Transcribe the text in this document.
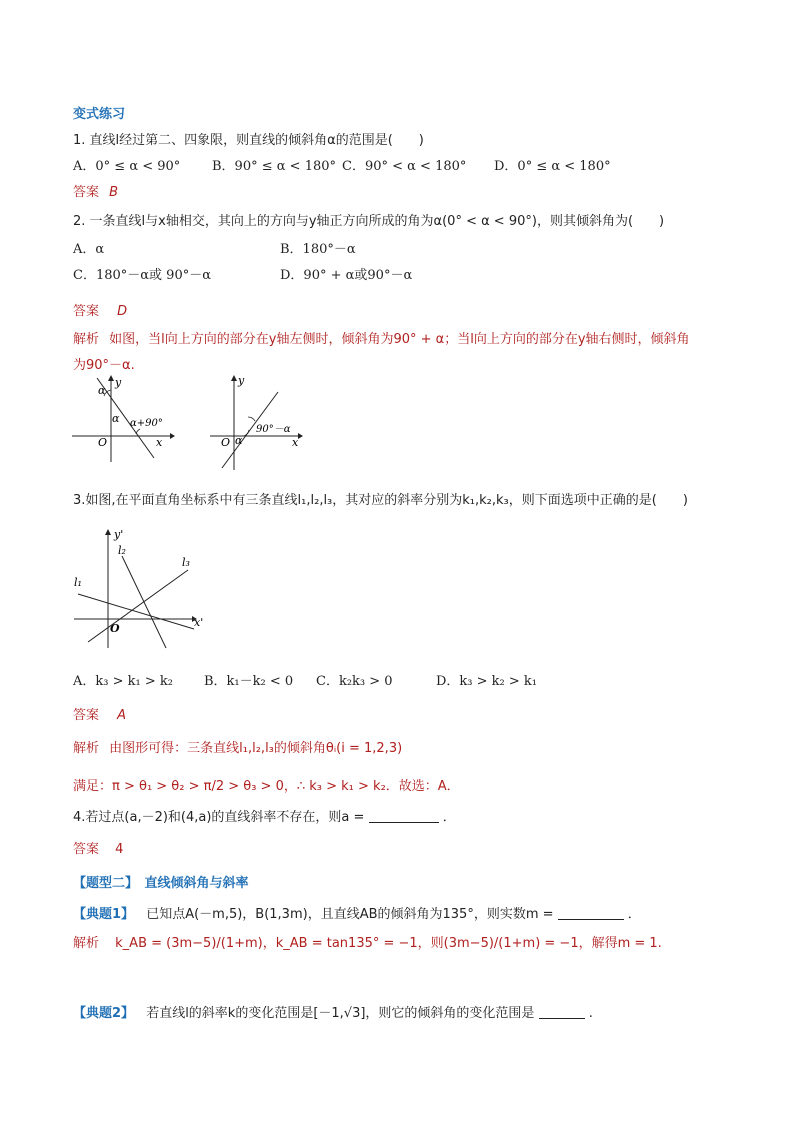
变式练习
1. 直线l经过第二、四象限，则直线的倾斜角α的范围是(　　)
A．0° ≤ α < 90° B．90° ≤ α < 180° C．90° < α < 180° D．0° ≤ α < 180°
答案 B
2. 一条直线l与x轴相交，其向上的方向与y轴正方向所成的角为α(0° < α < 90°)，则其倾斜角为(　　)
A．α	B．180°－α
C．180°－α或 90°－α	D．90° + α或90°－α
答案 D
解析 如图，当l向上方向的部分在y轴左侧时，倾斜角为90° + α；当l向上方向的部分在y轴右侧时，倾斜角
为90°－α.
y
x
O
α
α α+90°
y
x
O α
90°－α
3.如图,在平面直角坐标系中有三条直线l₁,l₂,l₃，其对应的斜率分别为k₁,k₂,k₃，则下面选项中正确的是(　　)
y'
x'
O
l₁
l₂
l₃
A．k₃ > k₁ > k₂ B．k₁－k₂ < 0 C．k₂k₃ > 0	D．k₃ > k₂ > k₁
答案 A
解析 由图形可得：三条直线l₁,l₂,l₃的倾斜角θᵢ(i = 1,2,3)
满足：π > θ₁ > θ₂ > π/2 > θ₃ > 0，∴ k₃ > k₁ > k₂．故选：A．
4.若过点(a,－2)和(4,a)的直线斜率不存在，则a =	．
答案 4
【题型二】　直线倾斜角与斜率
【典题1】 已知点A(－m,5)，B(1,3m)，且直线AB的倾斜角为135°，则实数m =	．
解析 k_AB = (3m−5)/(1+m)，k_AB = tan135° = −1，则(3m−5)/(1+m) = −1，解得m = 1.
【典题2】 若直线l的斜率k的变化范围是[－1,√3]，则它的倾斜角的变化范围是	.
